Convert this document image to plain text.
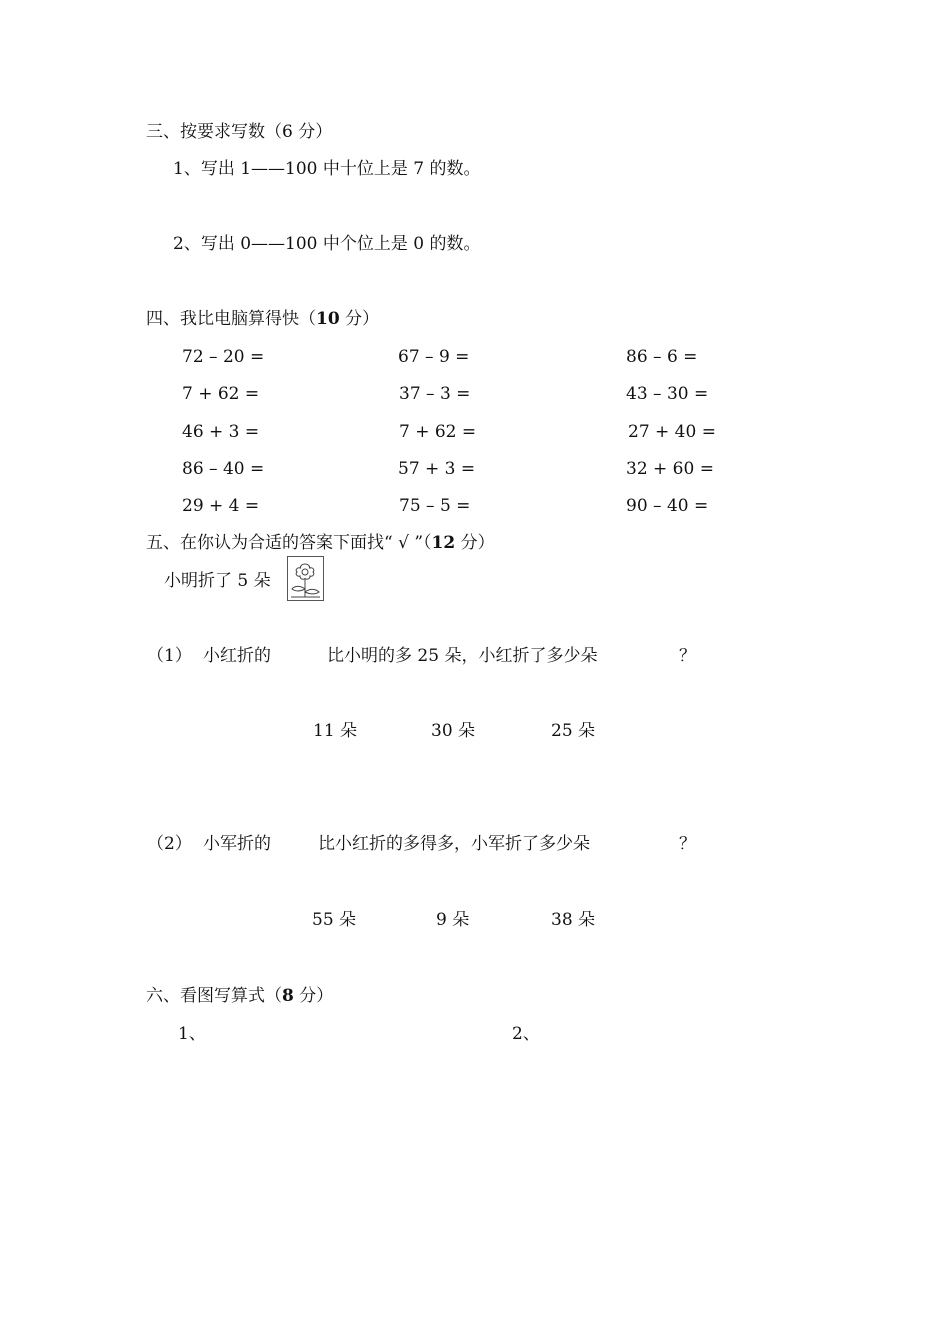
三、按要求写数（6 分）
1、写出 1——100 中十位上是 7 的数。
2、写出 0——100 中个位上是 0 的数。
四、我比电脑算得快（10 分）
72 – 20 =	67 – 9 =	86 – 6 =
7 + 62 =	37 – 3 =	43 – 30 =
46 + 3 =	7 + 62 =	27 + 40 =
86 – 40 =	57 + 3 =	32 + 60 =
29 + 4 =	75 – 5 =	90 – 40 =
五、在你认为合适的答案下面找“ √ ”（12 分）
小明折了 5 朵
（1） 小红折的	比小明的多 25 朵，小红折了多少朵	？
11 朵	30 朵	25 朵
（2） 小军折的	比小红折的多得多，小军折了多少朵	？
55 朵	9 朵	38 朵
六、看图写算式（8 分）
1、	2、
